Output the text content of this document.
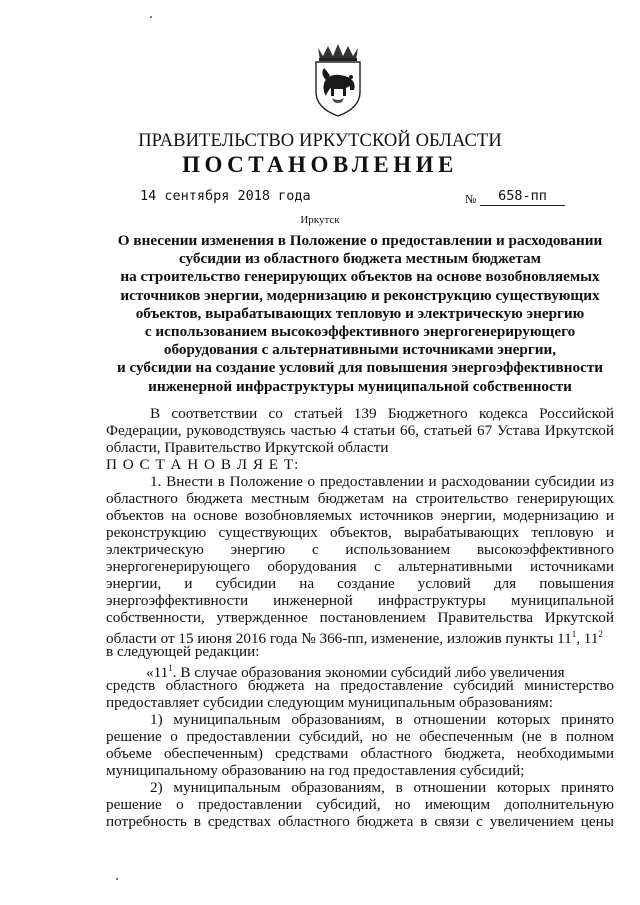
ПРАВИТЕЛЬСТВО ИРКУТСКОЙ ОБЛАСТИ
ПОСТАНОВЛЕНИЕ
14 сентября 2018 года	№	658-пп
Иркутск
О внесении изменения в Положение о предоставлении и расходовании
субсидии из областного бюджета местным бюджетам
на строительство генерирующих объектов на основе возобновляемых
источников энергии, модернизацию и реконструкцию существующих
объектов, вырабатывающих тепловую и электрическую энергию
с использованием высокоэффективного энергогенерирующего
оборудования с альтернативными источниками энергии,
и субсидии на создание условий для повышения энергоэффективности
инженерной инфраструктуры муниципальной собственности
В соответствии со статьей 139 Бюджетного кодекса Российской
Федерации, руководствуясь частью 4 статьи 66, статьей 67 Устава Иркутской
области, Правительство Иркутской области
П О С Т А Н О В Л Я Е Т:
1. Внести в Положение о предоставлении и расходовании субсидии из
областного бюджета местным бюджетам на строительство генерирующих
объектов на основе возобновляемых источников энергии, модернизацию и
реконструкцию существующих объектов, вырабатывающих тепловую и
электрическую энергию с использованием высокоэффективного
энергогенерирующего оборудования с альтернативными источниками
энергии, и субсидии на создание условий для повышения
энергоэффективности инженерной инфраструктуры муниципальной
собственности, утвержденное постановлением Правительства Иркутской
области от 15 июня 2016 года № 366-пп, изменение, изложив пункты $11^1$, $11^2$
в следующей редакции:
«$11^1$. В случае образования экономии субсидий либо увеличения
средств областного бюджета на предоставление субсидий министерство
предоставляет субсидии следующим муниципальным образованиям:
1) муниципальным образованиям, в отношении которых принято
решение о предоставлении субсидий, но не обеспеченным (не в полном
объеме обеспеченным) средствами областного бюджета, необходимыми
муниципальному образованию на год предоставления субсидий;
2) муниципальным образованиям, в отношении которых принято
решение о предоставлении субсидий, но имеющим дополнительную
потребность в средствах областного бюджета в связи с увеличением цены
